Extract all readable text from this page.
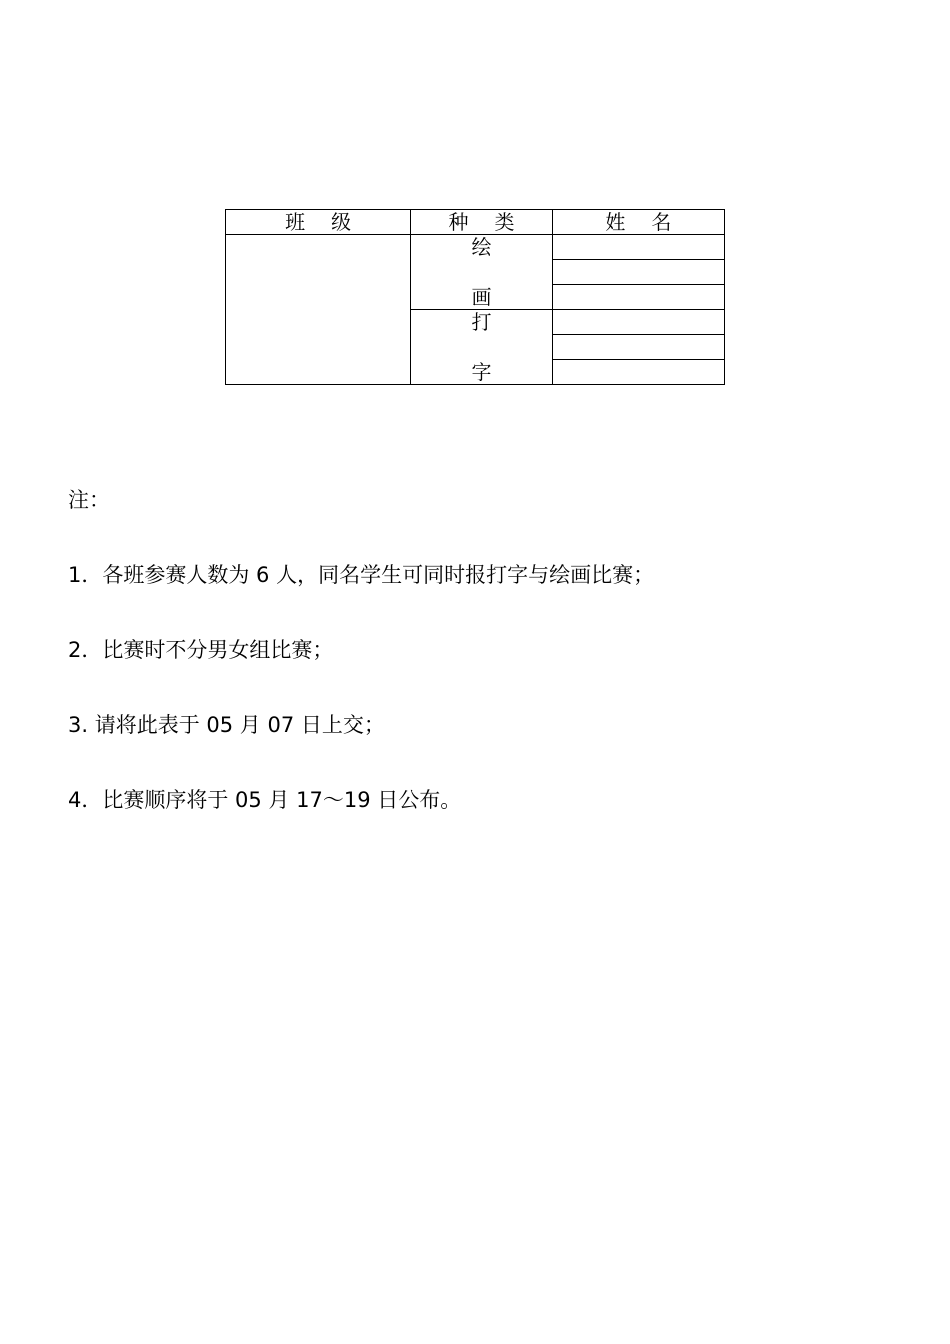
班 级	种 类	姓 名

	绘
画	

	打
字	

注：

1．各班参赛人数为 6 人，同名学生可同时报打字与绘画比赛；

2．比赛时不分男女组比赛；

3. 请将此表于 05 月 07 日上交；

4．比赛顺序将于 05 月 17～19 日公布。
